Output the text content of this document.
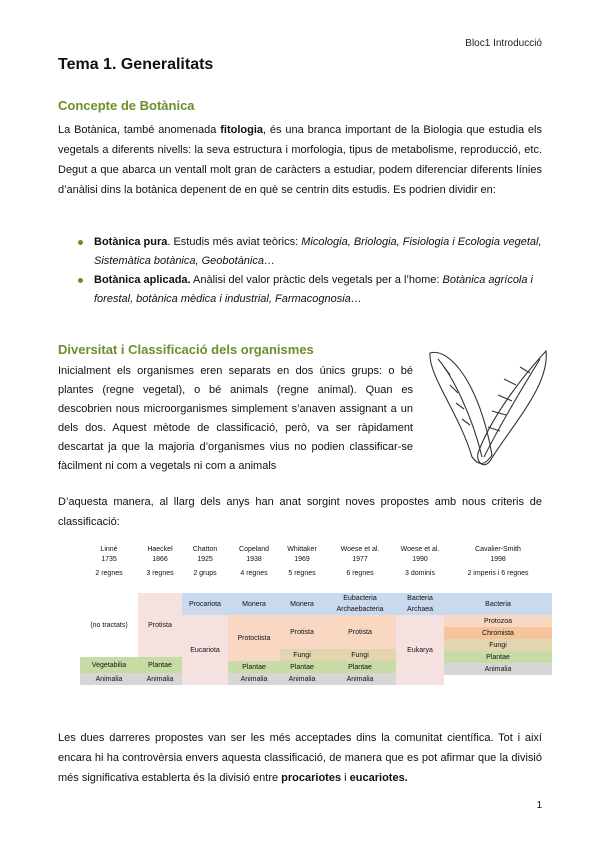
Bloc1 Introducció
Tema 1. Generalitats
Concepte de Botànica

La Botànica, també anomenada fitologia, és una branca important de la Biologia que estudia els vegetals a diferents nivells: la seva estructura i morfologia, tipus de metabolisme, reproducció, etc. Degut a que abarca un ventall molt gran de caràcters a estudiar, podem diferenciar diferents línies d’anàlisi dins la botànica depenent de en què se centrin dits estudis. Es podrien dividir en:

Botànica pura. Estudis més aviat teòrics: Micologia, Briologia, Fisiologia i Ecologia vegetal, Sistemàtica botànica, Geobotànica…
Botànica aplicada. Anàlisi del valor pràctic dels vegetals per a l’home: Botànica agrícola i forestal, botànica mèdica i industrial, Farmacognosia…
Diversitat i Classificació dels organismes

Inicialment els organismes eren separats en dos únics grups: o bé plantes (regne vegetal), o bé animals (regne animal). Quan es descobrien nous microorganismes simplement s’anaven assignant a un dels dos. Aquest mètode de classificació, però, va ser ràpidament descartat ja que la majoria d’organismes vius no podien classificar-se fàcilment ni com a vegetals ni com a animals

D’aquesta manera, al llarg dels anys han anat sorgint noves propostes amb nous criteris de classificació:

Linné
1735
2 regnes
Haeckel
1866
3 regnes
Chatton
1925
2 grups
Copeland
1938
4 regnes
Whittaker
1969
5 regnes
Woese et al.
1977
6 regnes
Woese et al.
1990
3 dominis
Cavalier-Smith
1998
2 imperis i 6 regnes
(no tractats)
Vegetabilia
Animalia
Protista
Plantae
Animalia
Procariota
Eucariota
Monera
Protoctista
Plantae
Animalia
Monera
Protista
Fungi
Plantae
Animalia
Eubacteria
Archaebacteria
Protista
Fungi
Plantae
Animalia
Bacteria
Archaea
Eukarya
Bacteria
Protozoa
Chromista
Fungi
Plantae
Animalia

Les dues darreres propostes van ser les més acceptades dins la comunitat científica. Tot i així encara hi ha controvèrsia envers aquesta classificació, de manera que es pot afirmar que la divisió més significativa establerta és la divisió entre procariotes i eucariotes.

1
